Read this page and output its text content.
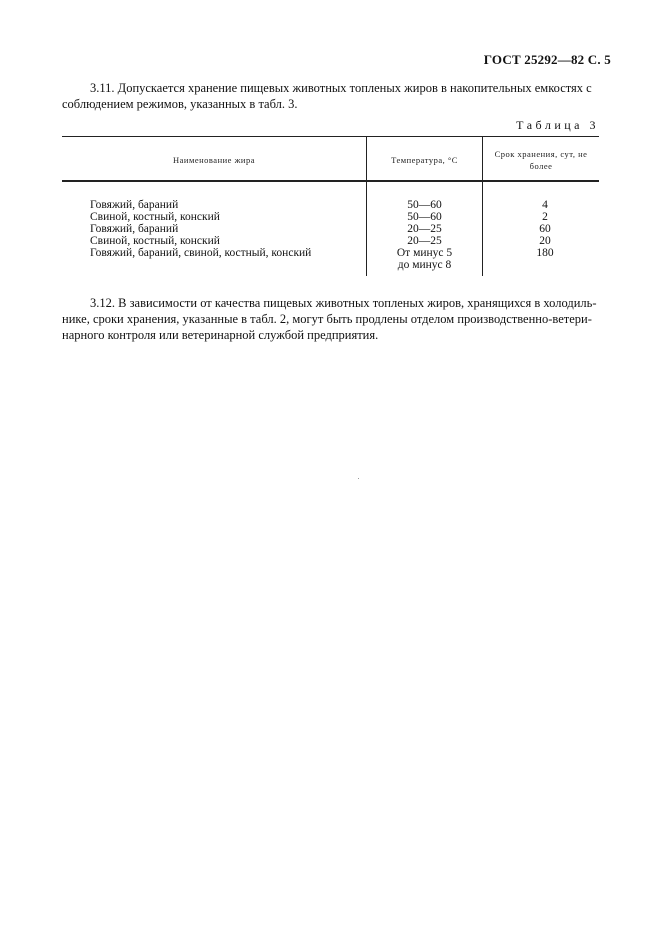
ГОСТ 25292—82 С. 5
3.11. Допускается хранение пищевых животных топленых жиров в накопительных емкостях с
соблюдением режимов, указанных в табл. 3.
Таблица 3
Наименование жира	Температура, °С
Срок хранения, сут, не более
Говяжий, бараний
Свиной, костный, конский
Говяжий, бараний
Свиной, костный, конский
Говяжий, бараний, свиной, костный, конский
50—60
50—60
20—25
20—25
От минус 5
до минус 8
4
2
60
20
180
3.12. В зависимости от качества пищевых животных топленых жиров, хранящихся в холодиль-
нике, сроки хранения, указанные в табл. 2, могут быть продлены отделом производственно-ветери-
нарного контроля или ветеринарной службой предприятия.
